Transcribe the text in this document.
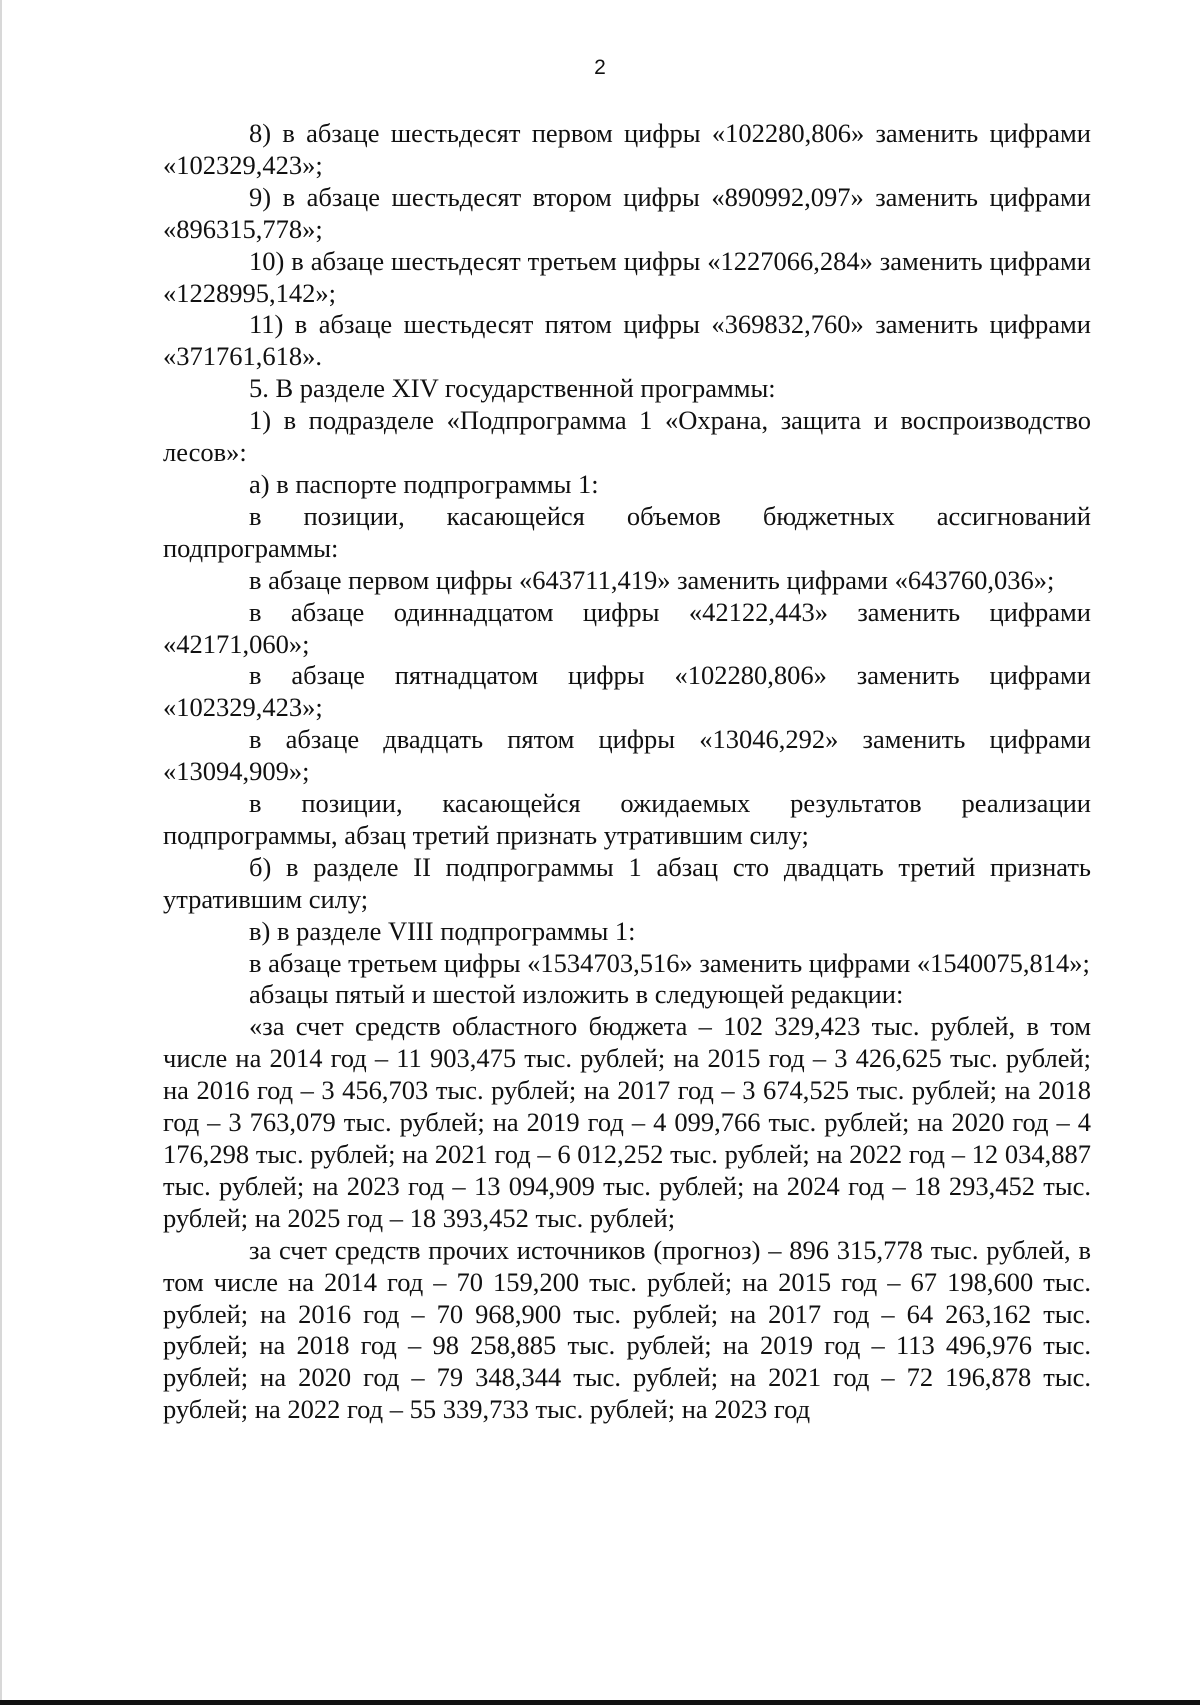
2

8) в абзаце шестьдесят первом цифры «102280,806» заменить цифрами «102329,423»;

9) в абзаце шестьдесят втором цифры «890992,097» заменить цифрами «896315,778»;

10) в абзаце шестьдесят третьем цифры «1227066,284» заменить цифрами «1228995,142»;

11) в абзаце шестьдесят пятом цифры «369832,760» заменить цифрами «371761,618».

5. В разделе XIV государственной программы:

1) в подразделе «Подпрограмма 1 «Охрана, защита и воспроизводство лесов»:

а) в паспорте подпрограммы 1:

в позиции, касающейся объемов бюджетных ассигнований подпрограммы:

в абзаце первом цифры «643711,419» заменить цифрами «643760,036»;

в абзаце одиннадцатом цифры «42122,443» заменить цифрами «42171,060»;

в абзаце пятнадцатом цифры «102280,806» заменить цифрами «102329,423»;

в абзаце двадцать пятом цифры «13046,292» заменить цифрами «13094,909»;

в позиции, касающейся ожидаемых результатов реализации подпрограммы, абзац третий признать утратившим силу;

б) в разделе II подпрограммы 1 абзац сто двадцать третий признать утратившим силу;

в) в разделе VIII подпрограммы 1:

в абзаце третьем цифры «1534703,516» заменить цифрами «1540075,814»;

абзацы пятый и шестой изложить в следующей редакции:

«за счет средств областного бюджета – 102 329,423 тыс. рублей, в том числе на 2014 год – 11 903,475 тыс. рублей; на 2015 год – 3 426,625 тыс. рублей; на 2016 год – 3 456,703 тыс. рублей; на 2017 год – 3 674,525 тыс. рублей; на 2018 год – 3 763,079 тыс. рублей; на 2019 год – 4 099,766 тыс. рублей; на 2020 год – 4 176,298 тыс. рублей; на 2021 год – 6 012,252 тыс. рублей; на 2022 год – 12 034,887 тыс. рублей; на 2023 год – 13 094,909 тыс. рублей; на 2024 год – 18 293,452 тыс. рублей; на 2025 год – 18 393,452 тыс. рублей;

за счет средств прочих источников (прогноз) – 896 315,778 тыс. рублей, в том числе на 2014 год – 70 159,200 тыс. рублей; на 2015 год – 67 198,600 тыс. рублей; на 2016 год – 70 968,900 тыс. рублей; на 2017 год – 64 263,162 тыс. рублей; на 2018 год – 98 258,885 тыс. рублей; на 2019 год – 113 496,976 тыс. рублей; на 2020 год – 79 348,344 тыс. рублей; на 2021 год – 72 196,878 тыс. рублей; на 2022 год – 55 339,733 тыс. рублей; на 2023 год
